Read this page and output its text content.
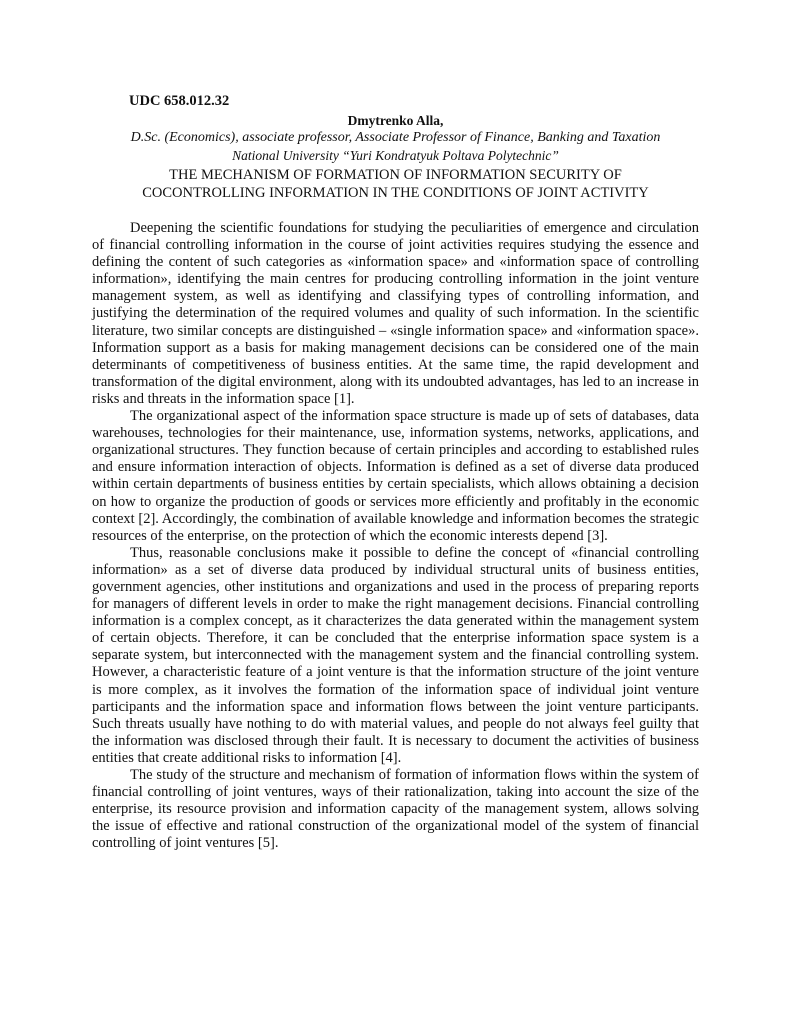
UDC 658.012.32
Dmytrenko Alla,
D.Sc. (Economics), associate professor, Associate Professor of Finance, Banking and Taxation
National University “Yuri Kondratyuk Poltava Polytechnic”
THE MECHANISM OF FORMATION OF INFORMATION SECURITY OF
COCONTROLLING INFORMATION IN THE CONDITIONS OF JOINT ACTIVITY

Deepening the scientific foundations for studying the peculiarities of emergence and circulation of financial controlling information in the course of joint activities requires studying the essence and defining the content of such categories as «information space» and «information space of controlling information», identifying the main centres for producing controlling information in the joint venture management system, as well as identifying and classifying types of controlling information, and justifying the determination of the required volumes and quality of such information. In the scientific literature, two similar concepts are distinguished – «single information space» and «information space». Information support as a basis for making management decisions can be considered one of the main determinants of competitiveness of business entities. At the same time, the rapid development and transformation of the digital environment, along with its undoubted advantages, has led to an increase in risks and threats in the information space [1].

The organizational aspect of the information space structure is made up of sets of databases, data warehouses, technologies for their maintenance, use, information systems, networks, applications, and organizational structures. They function because of certain principles and according to established rules and ensure information interaction of objects. Information is defined as a set of diverse data produced within certain departments of business entities by certain specialists, which allows obtaining a decision on how to organize the production of goods or services more efficiently and profitably in the economic context [2]. Accordingly, the combination of available knowledge and information becomes the strategic resources of the enterprise, on the protection of which the economic interests depend [3].

Thus, reasonable conclusions make it possible to define the concept of «financial controlling information» as a set of diverse data produced by individual structural units of business entities, government agencies, other institutions and organizations and used in the process of preparing reports for managers of different levels in order to make the right management decisions. Financial controlling information is a complex concept, as it characterizes the data generated within the management system of certain objects. Therefore, it can be concluded that the enterprise information space system is a separate system, but interconnected with the management system and the financial controlling system. However, a characteristic feature of a joint venture is that the information structure of the joint venture is more complex, as it involves the formation of the information space of individual joint venture participants and the information space and information flows between the joint venture participants. Such threats usually have nothing to do with material values, and people do not always feel guilty that the information was disclosed through their fault. It is necessary to document the activities of business entities that create additional risks to information [4].

The study of the structure and mechanism of formation of information flows within the system of financial controlling of joint ventures, ways of their rationalization, taking into account the size of the enterprise, its resource provision and information capacity of the management system, allows solving the issue of effective and rational construction of the organizational model of the system of financial controlling of joint ventures [5].
